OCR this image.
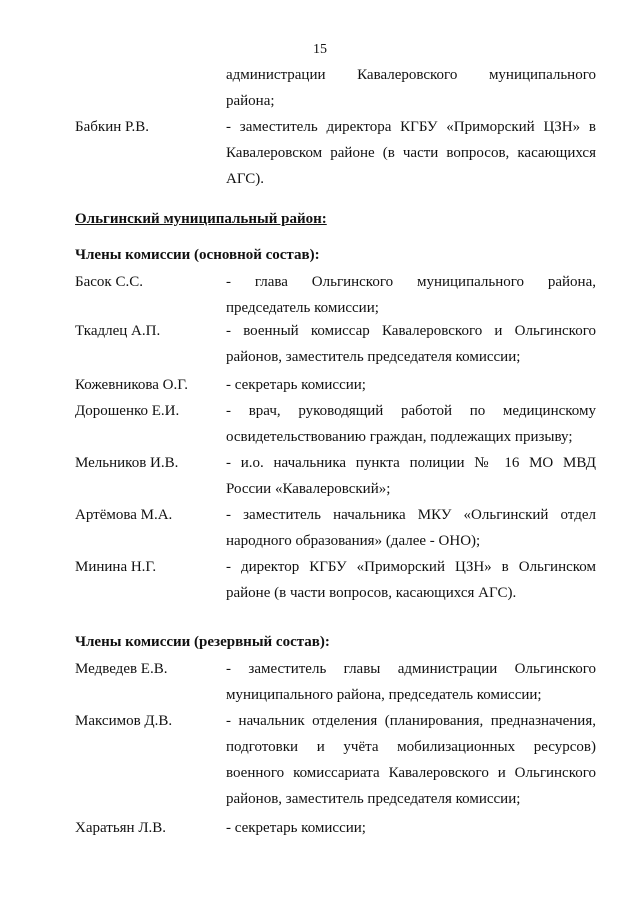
15
администрации Кавалеровского муниципального
района;
Бабкин Р.В.	- заместитель директора КГБУ «Приморский ЦЗН» в
Кавалеровском районе (в части вопросов, касающихся
АГС).
Ольгинский муниципальный район:
Члены комиссии (основной состав):
Басок С.С.	- глава Ольгинского муниципального района,
председатель комиссии;
Ткадлец А.П.	- военный комиссар Кавалеровского и Ольгинского
районов, заместитель председателя комиссии;
Кожевникова О.Г.	- секретарь комиссии;
Дорошенко Е.И.	- врач, руководящий работой по медицинскому
освидетельствованию граждан, подлежащих призыву;
Мельников И.В.	- и.о. начальника пункта полиции № 16 МО МВД
России «Кавалеровский»;
Артёмова М.А.	- заместитель начальника МКУ «Ольгинский отдел
народного образования» (далее - ОНО);
Минина Н.Г.	- директор КГБУ «Приморский ЦЗН» в Ольгинском
районе (в части вопросов, касающихся АГС).
Члены комиссии (резервный состав):
Медведев Е.В.	- заместитель главы администрации Ольгинского
муниципального района, председатель комиссии;
Максимов Д.В.	- начальник отделения (планирования, предназначения,
подготовки и учёта мобилизационных ресурсов)
военного комиссариата Кавалеровского и Ольгинского
районов, заместитель председателя комиссии;
Харатьян Л.В.	- секретарь комиссии;
